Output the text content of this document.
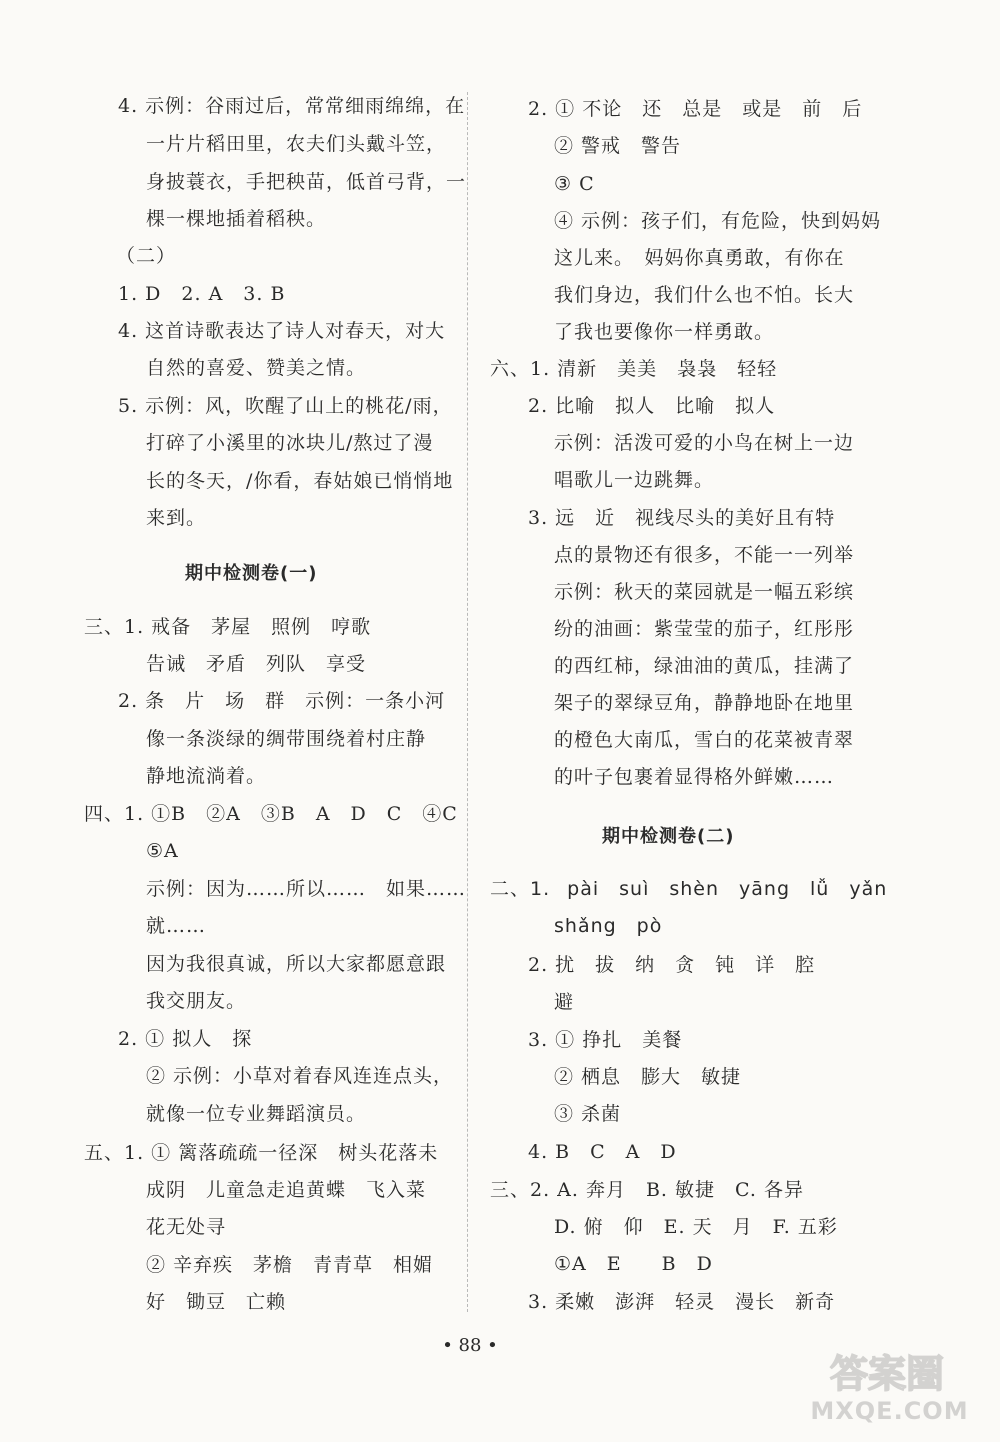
4. 示例：谷雨过后，常常细雨绵绵，在
一片片稻田里，农夫们头戴斗笠，
身披蓑衣，手把秧苗，低首弓背，一
棵一棵地插着稻秧。
（二）
1. D　2. A　3. B
4. 这首诗歌表达了诗人对春天，对大
自然的喜爱、赞美之情。
5. 示例：风，吹醒了山上的桃花/雨，
打碎了小溪里的冰块儿/熬过了漫
长的冬天，/你看，春姑娘已悄悄地
来到。
期中检测卷(一)
三、1. 戒备　茅屋　照例　哼歌
告诫　矛盾　列队　享受
2. 条　片　场　群　示例：一条小河
像一条淡绿的绸带围绕着村庄静
静地流淌着。
四、1. ①B　②A　③B　A　D　C　④C
⑤A
示例：因为……所以……　如果……
就……
因为我很真诚，所以大家都愿意跟
我交朋友。
2. ① 拟人　探
② 示例：小草对着春风连连点头，
就像一位专业舞蹈演员。
五、1. ① 篱落疏疏一径深　树头花落未
成阴　儿童急走追黄蝶　飞入菜
花无处寻
② 辛弃疾　茅檐　青青草　相媚
好　锄豆　亡赖
2. ① 不论　还　总是　或是　前　后
② 警戒　警告
③ C
④ 示例：孩子们，有危险，快到妈妈
这儿来。　妈妈你真勇敢，有你在
我们身边，我们什么也不怕。长大
了我也要像你一样勇敢。
六、1. 清新　美美　袅袅　轻轻
2. 比喻　拟人　比喻　拟人
示例：活泼可爱的小鸟在树上一边
唱歌儿一边跳舞。
3. 远　近　视线尽头的美好且有特
点的景物还有很多，不能一一列举
示例：秋天的菜园就是一幅五彩缤
纷的油画：紫莹莹的茄子，红彤彤
的西红柿，绿油油的黄瓜，挂满了
架子的翠绿豆角，静静地卧在地里
的橙色大南瓜，雪白的花菜被青翠
的叶子包裹着显得格外鲜嫩……
期中检测卷(二)
二、1. pài　suì　shèn　yāng　lǚ　yǎn
shǎng　pò
2. 扰　拔　纳　贪　钝　详　腔
避
3. ① 挣扎　美餐
② 栖息　膨大　敏捷
③ 杀菌
4. B　C　A　D
三、2. A. 奔月　B. 敏捷　C. 各异
D. 俯　仰　E. 天　月　F. 五彩
①A　E　　B　D
3. 柔嫩　澎湃　轻灵　漫长　新奇
• 88 •
答案圈
MXQE.COM
